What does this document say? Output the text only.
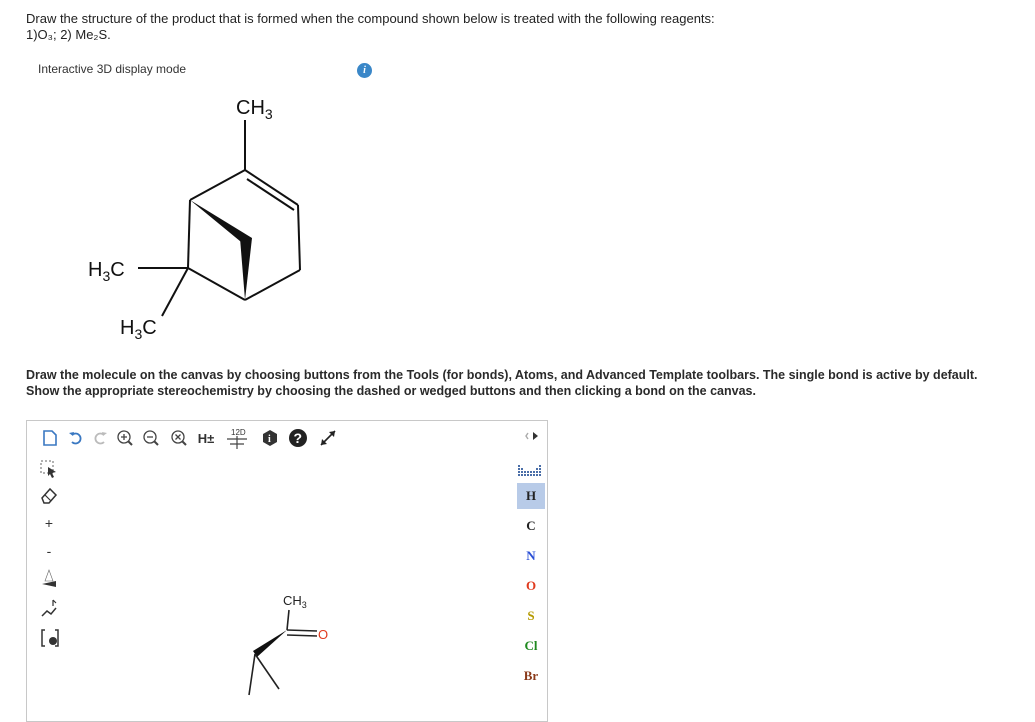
Draw the structure of the product that is formed when the compound shown below is treated with the following reagents:
1)O₃; 2) Me₂S.
Interactive 3D display mode	i
$CH_3$
$H_3C$
$H_3C$
Draw the molecule on the canvas by choosing buttons from the Tools (for bonds), Atoms, and Advanced Template toolbars. The single bond is active by default.
Show the appropriate stereochemistry by choosing the dashed or wedged buttons and then clicking a bond on the canvas.
H±	12D
i ?
+
-
$CH_3$
O
H
C
N
O
S
Cl
Br
